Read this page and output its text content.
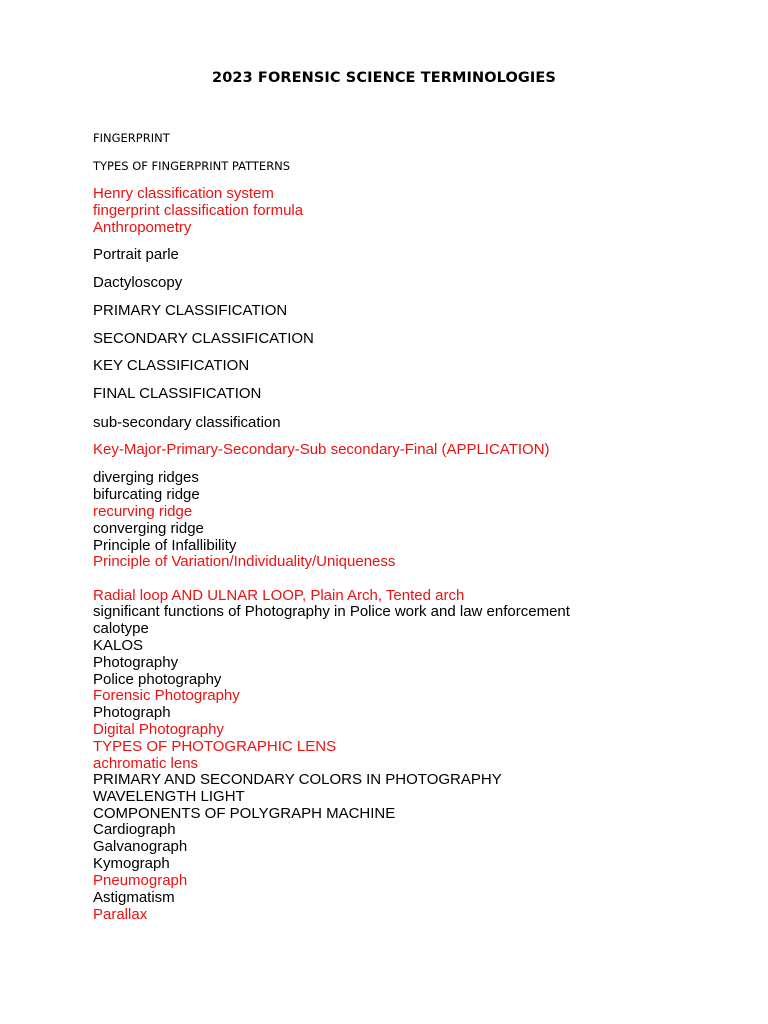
2023 FORENSIC SCIENCE TERMINOLOGIES
FINGERPRINT
TYPES OF FINGERPRINT PATTERNS
Henry classification system
fingerprint classification formula
Anthropometry
Portrait parle
Dactyloscopy
PRIMARY CLASSIFICATION
SECONDARY CLASSIFICATION
KEY CLASSIFICATION
FINAL CLASSIFICATION
sub-secondary classification
Key-Major-Primary-Secondary-Sub secondary-Final (APPLICATION)
diverging ridges
bifurcating ridge
recurving ridge
converging ridge
Principle of Infallibility
Principle of Variation/Individuality/Uniqueness
Radial loop AND ULNAR LOOP, Plain Arch, Tented arch
significant functions of Photography in Police work and law enforcement
calotype
KALOS
Photography
Police photography
Forensic Photography
Photograph
Digital Photography
TYPES OF PHOTOGRAPHIC LENS
achromatic lens
PRIMARY AND SECONDARY COLORS IN PHOTOGRAPHY
WAVELENGTH LIGHT
COMPONENTS OF POLYGRAPH MACHINE
Cardiograph
Galvanograph
Kymograph
Pneumograph
Astigmatism
Parallax
